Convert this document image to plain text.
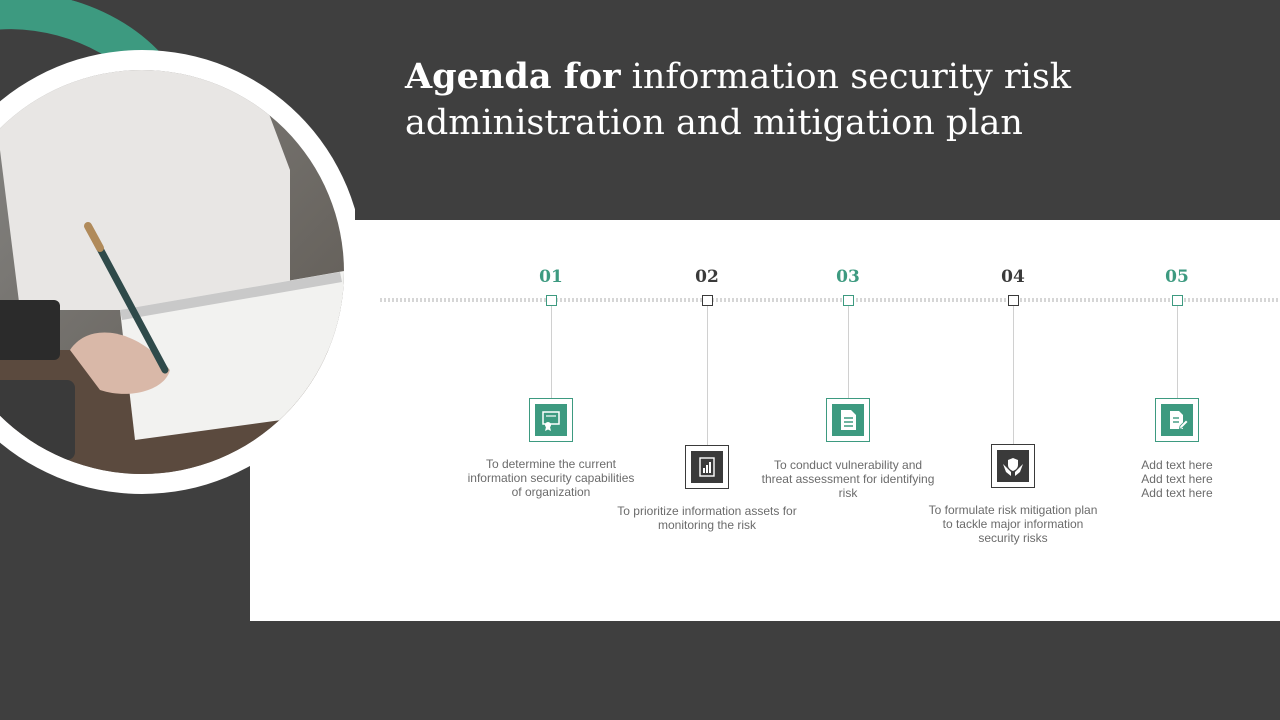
Agenda for information security risk administration and mitigation plan
01
To determine the current information security capabilities of organization
02
To prioritize information assets for monitoring the risk
03
To conduct vulnerability and threat assessment for identifying risk
04
To formulate risk mitigation plan to tackle major information security risks
05
Add text here Add text here Add text here
